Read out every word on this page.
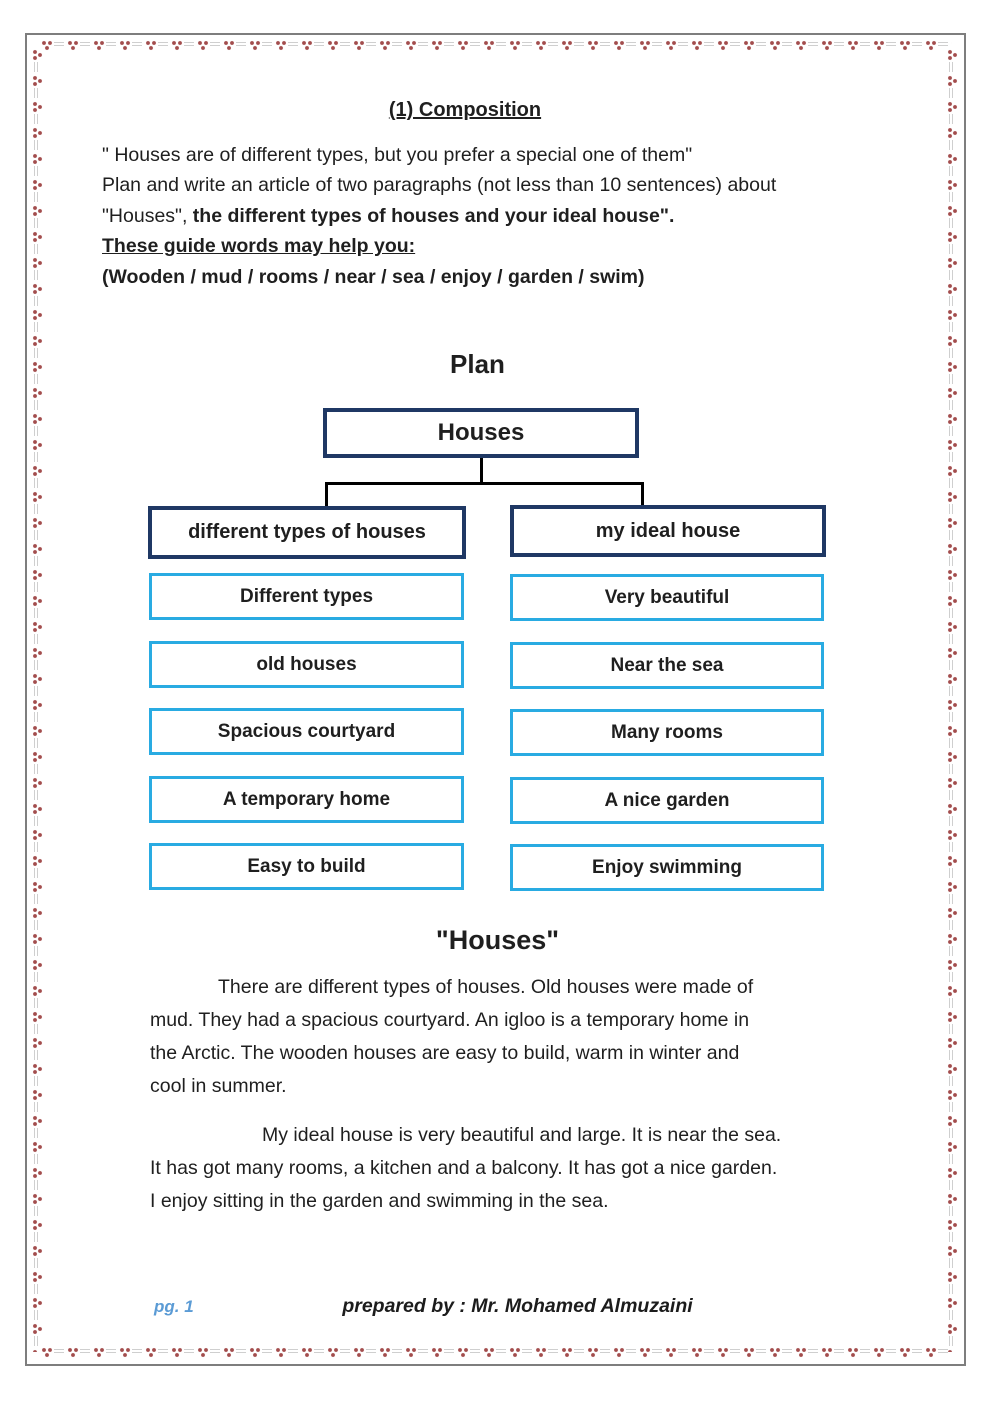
(1) Composition
" Houses are of different types, but you prefer a special one of them"
Plan and write an article of two paragraphs (not less than 10 sentences) about
"Houses", the different types of houses and your ideal house".
These guide words may help you:
(Wooden / mud / rooms / near / sea / enjoy / garden / swim)
Plan
Houses
different types of houses	my ideal house
Different types
old houses
Spacious courtyard
A temporary home
Easy to build
Very beautiful
Near the sea
Many rooms
A nice garden
Enjoy swimming
"Houses"
There are different types of houses. Old houses were made of
mud. They had a spacious courtyard. An igloo is a temporary home in
the Arctic. The wooden houses are easy to build, warm in winter and
cool in summer.
My ideal house is very beautiful and large. It is near the sea.
It has got many rooms, a kitchen and a balcony. It has got a nice garden.
I enjoy sitting in the garden and swimming in the sea.
pg. 1	prepared by : Mr. Mohamed Almuzaini
